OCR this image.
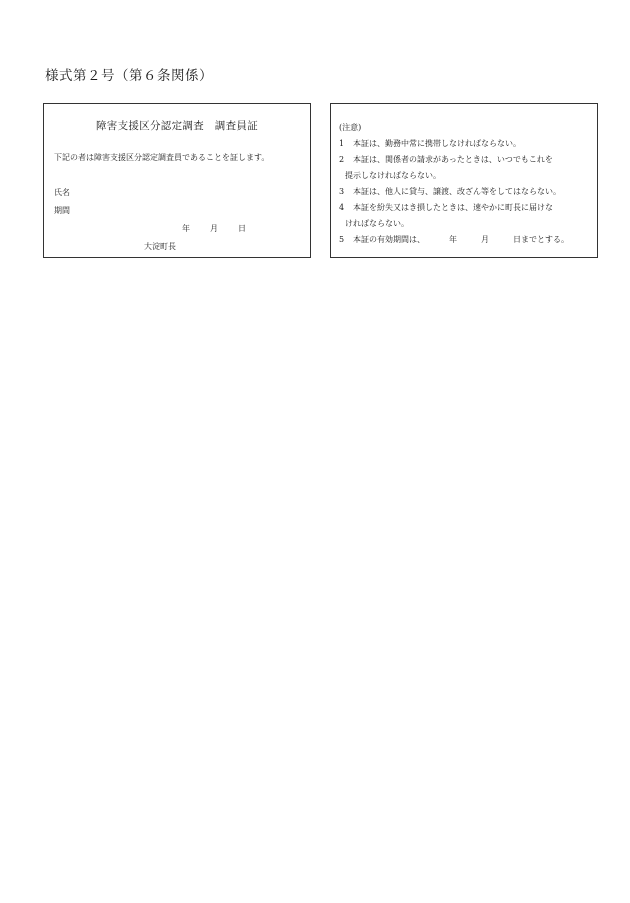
様式第２号（第６条関係）
障害支援区分認定調査　調査員証
下記の者は障害支援区分認定調査員であることを証します。
氏名
期間
年	月	日
大淀町長
(注意)
1 本証は、勤務中常に携帯しなければならない。
2 本証は、関係者の請求があったときは、いつでもこれを
提示しなければならない。
3 本証は、他人に貸与、譲渡、改ざん等をしてはならない。
4 本証を紛失又はき損したときは、速やかに町長に届けな
ければならない。
5 本証の有効期間は、	年	月	日までとする。
